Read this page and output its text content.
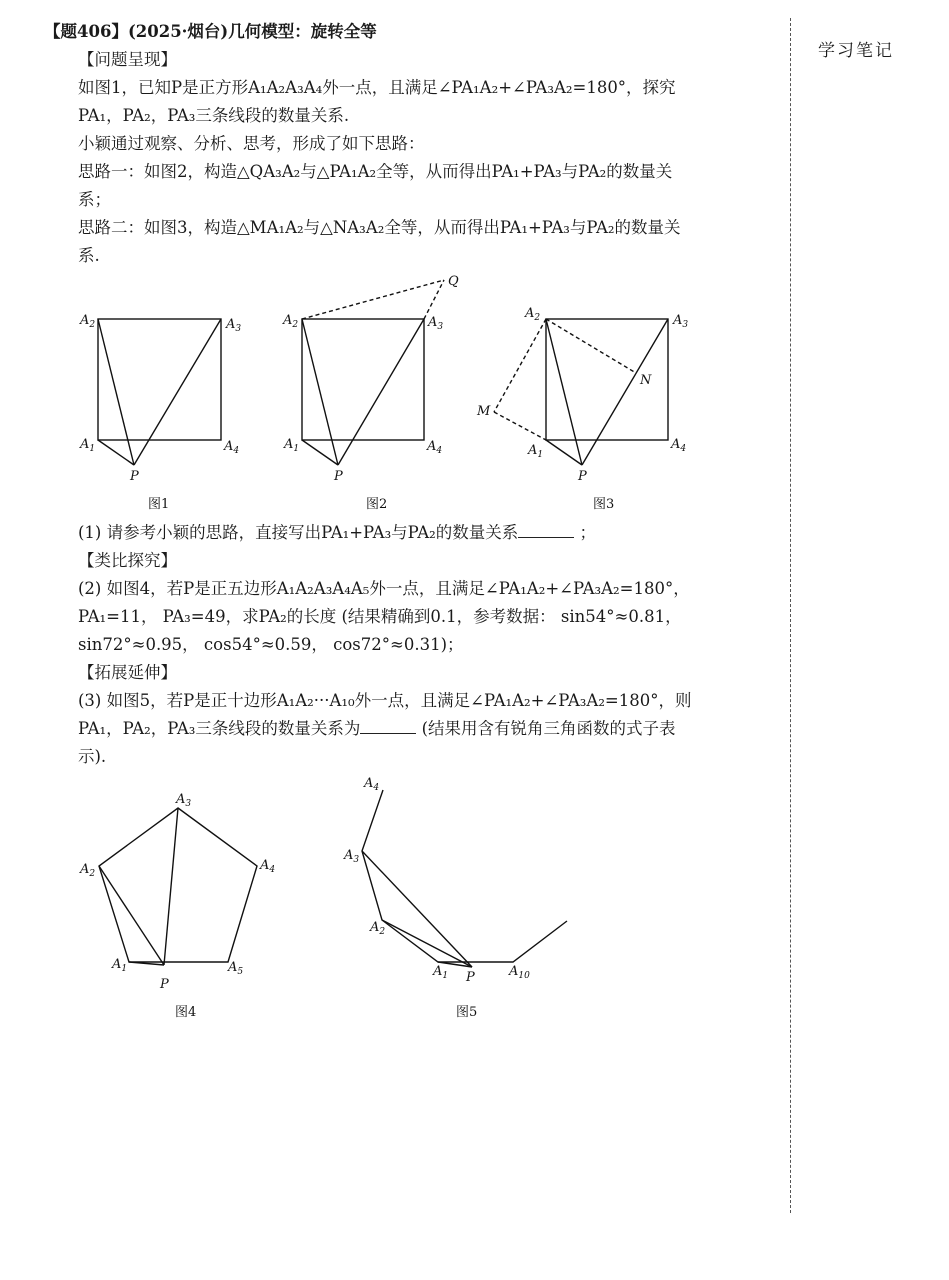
学习笔记
【题406】(2025·烟台)几何模型：旋转全等

【问题呈现】

如图1，已知P是正方形A₁A₂A₃A₄外一点，且满足∠PA₁A₂+∠PA₃A₂=180°，探究

PA₁，PA₂，PA₃三条线段的数量关系.

小颖通过观察、分析、思考，形成了如下思路：

思路一：如图2，构造△QA₃A₂与△PA₁A₂全等，从而得出PA₁+PA₃与PA₂的数量关

系；

思路二：如图3，构造△MA₁A₂与△NA₃A₂全等，从而得出PA₁+PA₃与PA₂的数量关

系.

$A_2$	$A_3$
$A_1$	$A_4$
P
图1
$A_2$	$A_3$
$A_1$	$A_4$
P
Q
图2
$A_2$	$A_3$
$A_1$
$A_4$
P
M
N
图3

(1) 请参考小颖的思路，直接写出PA₁+PA₃与PA₂的数量关系	；

【类比探究】

(2) 如图4，若P是正五边形A₁A₂A₃A₄A₅外一点，且满足∠PA₁A₂+∠PA₃A₂=180°，

PA₁=11， PA₃=49，求PA₂的长度 (结果精确到0.1，参考数据： sin54°≈0.81，

sin72°≈0.95， cos54°≈0.59， cos72°≈0.31)；

【拓展延伸】

(3) 如图5，若P是正十边形A₁A₂···A₁₀外一点，且满足∠PA₁A₂+∠PA₃A₂=180°，则

PA₁，PA₂，PA₃三条线段的数量关系为	(结果用含有锐角三角函数的式子表

示).

$A_3$
$A_4$
$A_2$
$A_1$	$A_5$
P
图4
$A_4$
$A_3$
$A_2$
$A_1$ P	$A_{10}$
图5
